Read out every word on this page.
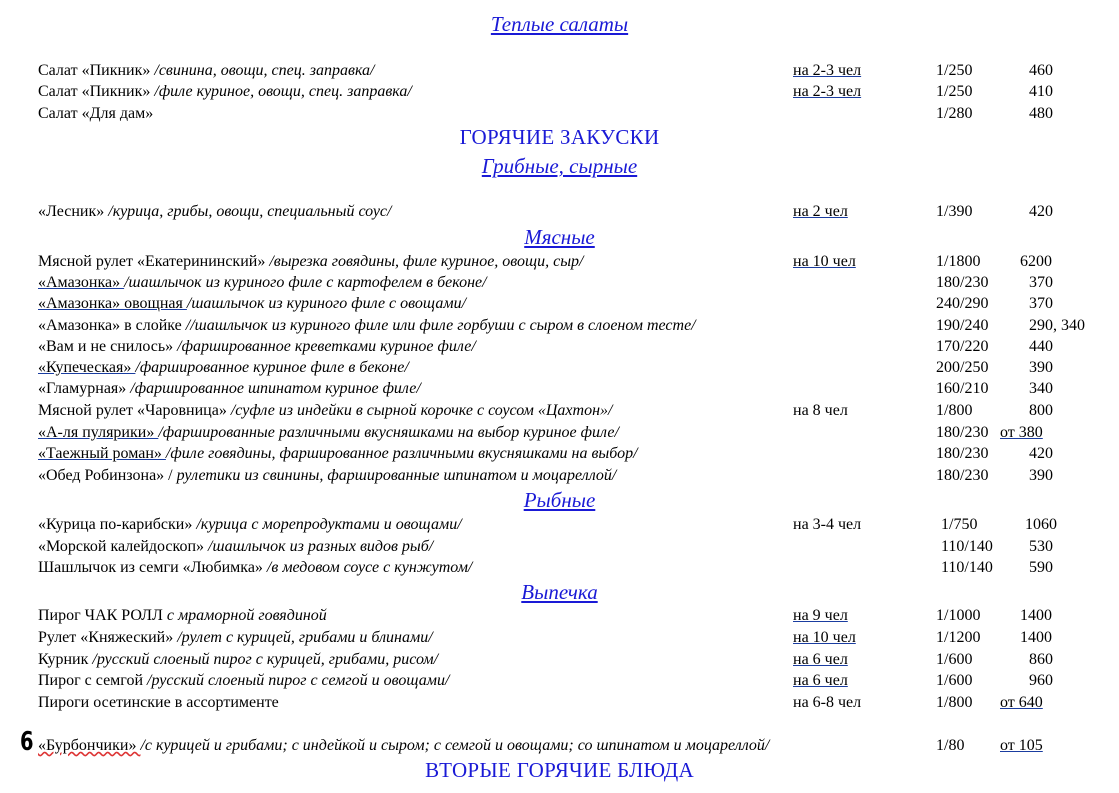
Теплые салаты
ГОРЯЧИЕ ЗАКУСКИ
Грибные, сырные
Мясные
Рыбные
Выпечка
ВТОРЫЕ ГОРЯЧИЕ БЛЮДА
Салат «Пикник» /свинина, овощи, спец. заправка/	на 2-3 чел	1/250	460
Салат «Пикник» /филе куриное, овощи, спец. заправка/	на 2-3 чел	1/250	410
Салат «Для дам»	1/280	480
«Лесник» /курица, грибы, овощи, специальный соус/	на 2 чел	1/390	420
Мясной рулет «Екатерининский» /вырезка говядины, филе куриное, овощи, сыр/	на 10 чел	1/1800 6200
«Амазонка» /шашлычок из куриного филе с картофелем в беконе/	180/230	370
«Амазонка» овощная /шашлычок из куриного филе с овощами/	240/290	370
«Амазонка» в слойке //шашлычок из куриного филе или филе горбуши с сыром в слоеном тесте/	190/240	290, 340
«Вам и не снилось» /фаршированное креветками куриное филе/	170/220	440
«Купеческая» /фаршированное куриное филе в беконе/	200/250	390
«Гламурная» /фаршированное шпинатом куриное филе/	160/210	340
Мясной рулет «Чаровница» /суфле из индейки в сырной корочке с соусом «Цахтон»/	на 8 чел	1/800	800
«А-ля пулярики» /фаршированные различными вкусняшками на выбор куриное филе/	180/230 от 380
«Таежный роман» /филе говядины, фаршированное различными вкусняшками на выбор/	180/230	420
«Обед Робинзона» / рулетики из свинины, фаршированные шпинатом и моцареллой/	180/230	390
«Курица по-карибски» /курица с морепродуктами и овощами/	на 3-4 чел	1/750	1060
«Морской калейдоскоп» /шашлычок из разных видов рыб/	110/140 530
Шашлычок из семги «Любимка» /в медовом соусе с кунжутом/	110/140 590
Пирог ЧАК РОЛЛ с мраморной говядиной	на 9 чел	1/1000 1400
Рулет «Княжеский» /рулет с курицей, грибами и блинами/	на 10 чел	1/1200 1400
Курник /русский слоеный пирог с курицей, грибами, рисом/	на 6 чел	1/600	860
Пирог с семгой /русский слоеный пирог с семгой и овощами/	на 6 чел	1/600	960
Пироги осетинские в ассортименте	на 6-8 чел	1/800 от 640
«Бурбончики» /с курицей и грибами; с индейкой и сыром; с семгой и овощами; со шпинатом и моцареллой/	1/80 от 105
6
